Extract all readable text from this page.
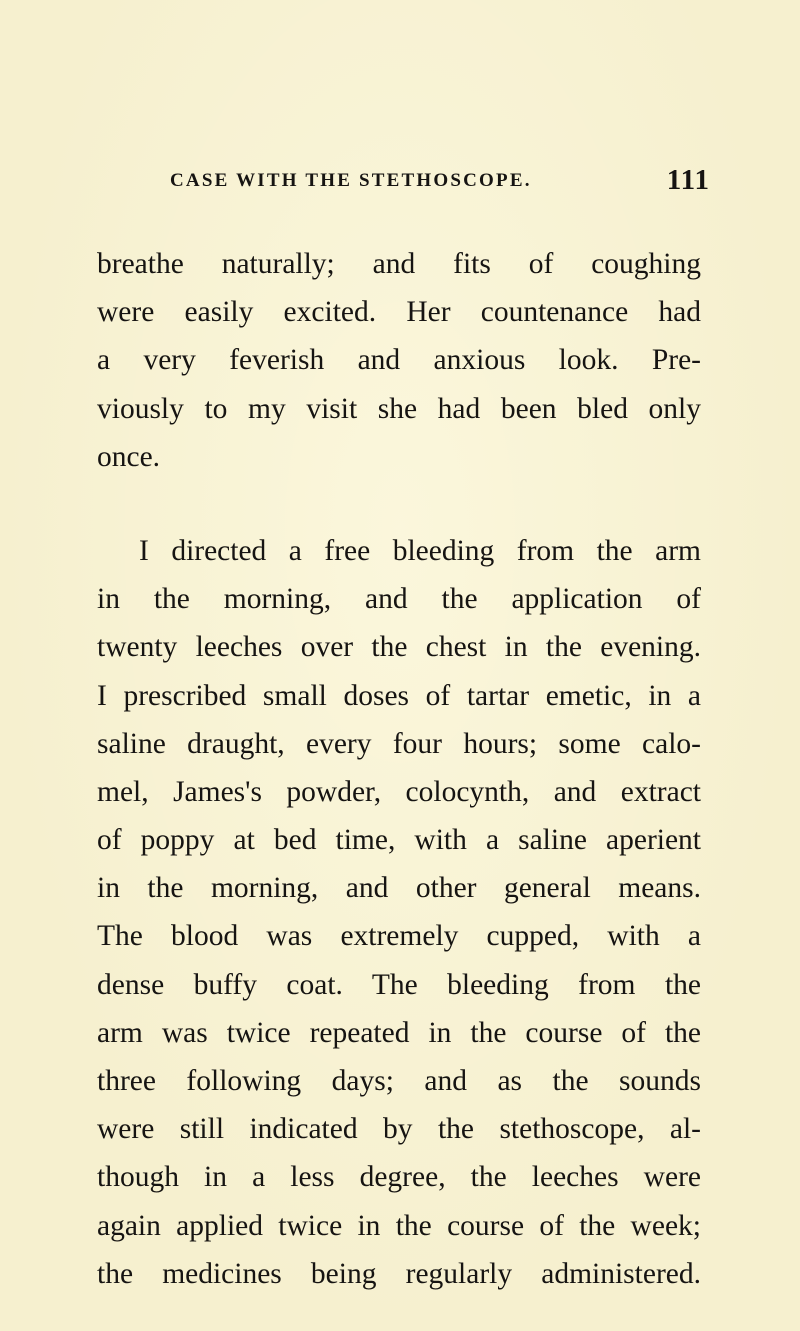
CASE WITH THE STETHOSCOPE.	111
breathe naturally; and fits of coughing
were easily excited. Her countenance had
a very feverish and anxious look. Pre-
viously to my visit she had been bled only
once.
I directed a free bleeding from the arm
in the morning, and the application of
twenty leeches over the chest in the evening.
I prescribed small doses of tartar emetic, in a
saline draught, every four hours; some calo-
mel, James's powder, colocynth, and extract
of poppy at bed time, with a saline aperient
in the morning, and other general means.
The blood was extremely cupped, with a
dense buffy coat. The bleeding from the
arm was twice repeated in the course of the
three following days; and as the sounds
were still indicated by the stethoscope, al-
though in a less degree, the leeches were
again applied twice in the course of the week;
the medicines being regularly administered.
